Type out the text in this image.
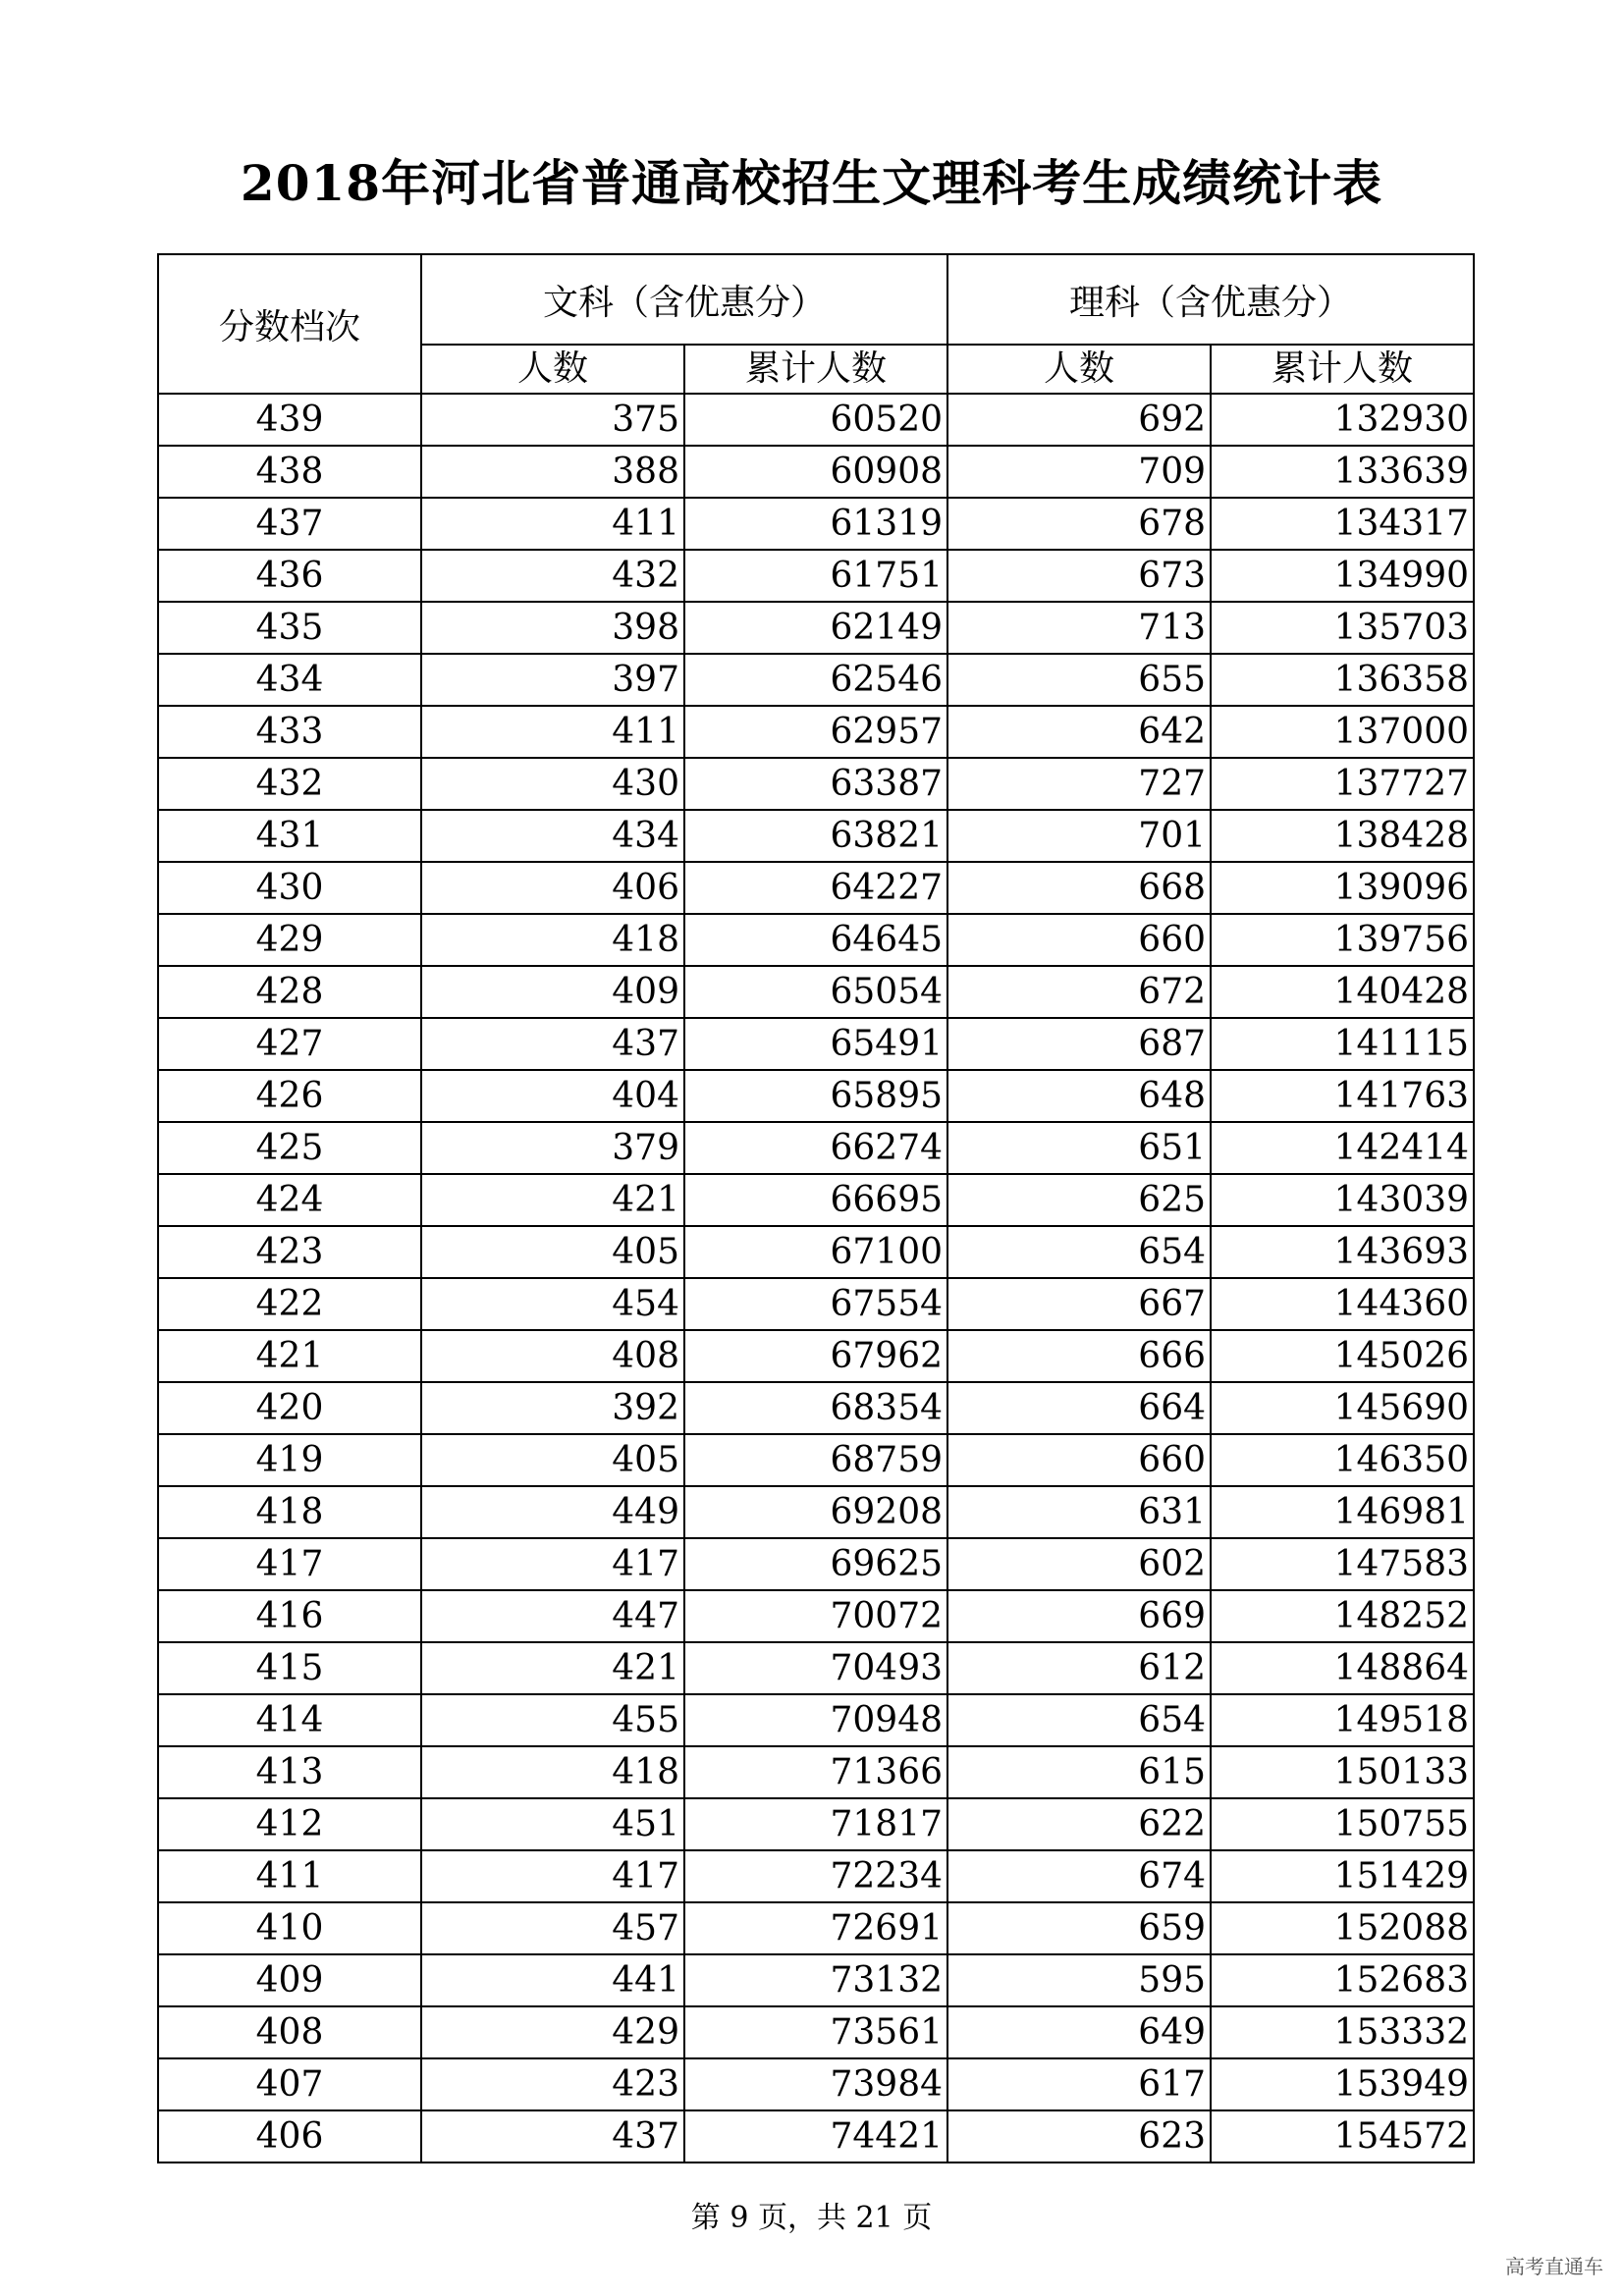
2018年河北省普通高校招生文理科考生成绩统计表
分数档次	文科（含优惠分）		理科（含优惠分）	
	人数	累计人数	人数	累计人数
439	375	60520	692	132930
438	388	60908	709	133639
437	411	61319	678	134317
436	432	61751	673	134990
435	398	62149	713	135703
434	397	62546	655	136358
433	411	62957	642	137000
432	430	63387	727	137727
431	434	63821	701	138428
430	406	64227	668	139096
429	418	64645	660	139756
428	409	65054	672	140428
427	437	65491	687	141115
426	404	65895	648	141763
425	379	66274	651	142414
424	421	66695	625	143039
423	405	67100	654	143693
422	454	67554	667	144360
421	408	67962	666	145026
420	392	68354	664	145690
419	405	68759	660	146350
418	449	69208	631	146981
417	417	69625	602	147583
416	447	70072	669	148252
415	421	70493	612	148864
414	455	70948	654	149518
413	418	71366	615	150133
412	451	71817	622	150755
411	417	72234	674	151429
410	457	72691	659	152088
409	441	73132	595	152683
408	429	73561	649	153332
407	423	73984	617	153949
406	437	74421	623	154572
第 9 页，共 21 页
高考直通车
